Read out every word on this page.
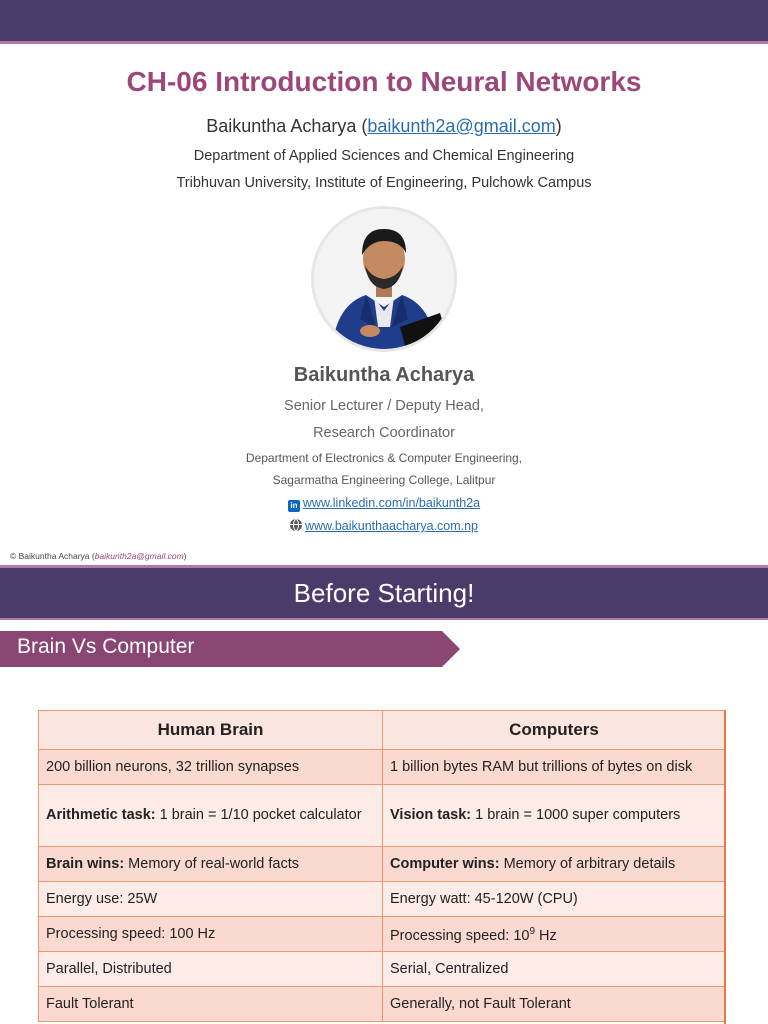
CH-06 Introduction to Neural Networks
Baikuntha Acharya (baikunth2a@gmail.com)
Department of Applied Sciences and Chemical Engineering
Tribhuvan University, Institute of Engineering, Pulchowk Campus
Baikuntha Acharya
Senior Lecturer / Deputy Head,
Research Coordinator
Department of Electronics & Computer Engineering,
Sagarmatha Engineering College, Lalitpur
in www.linkedin.com/in/baikunth2a
www.baikunthaacharya.com.np
© Baikuntha Acharya (baikunth2a@gmail.com)
Before Starting!
Brain Vs Computer
Human Brain	Computers
200 billion neurons, 32 trillion synapses	1 billion bytes RAM but trillions of bytes on disk
Arithmetic task: 1 brain = 1/10 pocket calculator	Vision task: 1 brain = 1000 super computers
Brain wins: Memory of real-world facts	Computer wins: Memory of arbitrary details
Energy use: 25W	Energy watt: 45-120W (CPU)
Processing speed: 100 Hz	Processing speed: $10^9$ Hz
Parallel, Distributed	Serial, Centralized
Fault Tolerant	Generally, not Fault Tolerant
